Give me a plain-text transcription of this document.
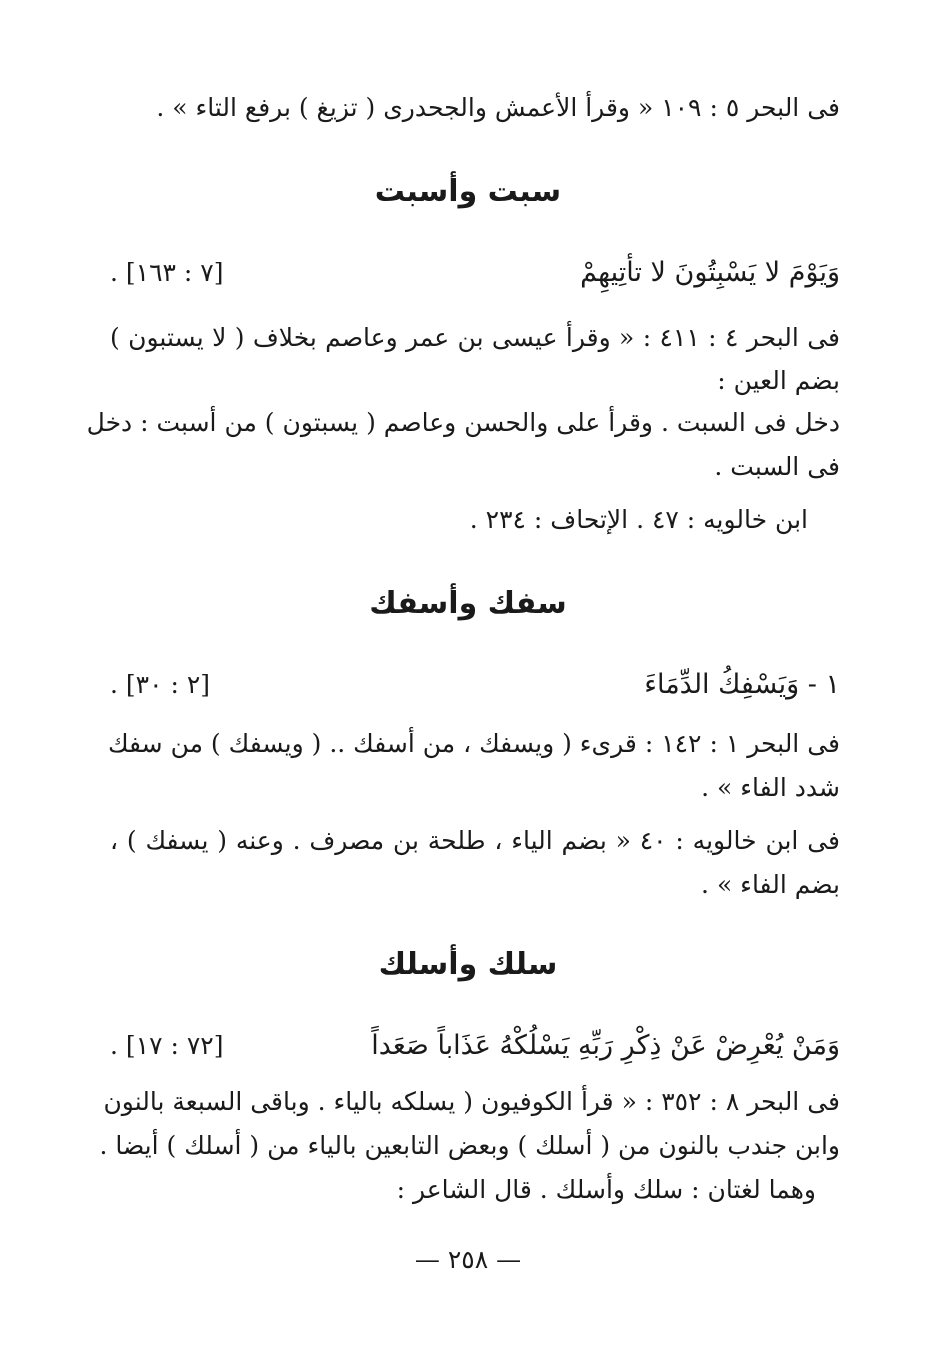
فى البحر ٥ : ١٠٩ « وقرأ الأعمش والجحدرى ( تزيغ ) برفع التاء » .
سبت وأسبت
وَيَوْمَ لا يَسْبِتُونَ لا تأتِيهِمْ
[٧ : ١٦٣] .
فى البحر ٤ : ٤١١ : « وقرأ عيسى بن عمر وعاصم بخلاف ( لا يستبون )
بضم العين :
دخل فى السبت . وقرأ على والحسن وعاصم ( يسبتون ) من أسبت : دخل
فى السبت .
ابن خالويه : ٤٧ . الإتحاف : ٢٣٤ .
سفك وأسفك
١ - وَيَسْفِكُ الدِّمَاءَ
[٢ : ٣٠] .
فى البحر ١ : ١٤٢ : قرىء ( ويسفك ، من أسفك .. ( ويسفك ) من سفك
شدد الفاء » .
فى ابن خالويه : ٤٠ « بضم الياء ، طلحة بن مصرف . وعنه ( يسفك ) ،
بضم الفاء » .
سلك وأسلك
وَمَنْ يُعْرِضْ عَنْ ذِكْرِ رَبِّهِ يَسْلُكْهُ عَذَاباً صَعَداً
[٧٢ : ١٧] .
فى البحر ٨ : ٣٥٢ : « قرأ الكوفيون ( يسلكه بالياء . وباقى السبعة بالنون
وابن جندب بالنون من ( أسلك ) وبعض التابعين بالياء من ( أسلك ) أيضا .
وهما لغتان : سلك وأسلك . قال الشاعر :
— ٢٥٨ —
